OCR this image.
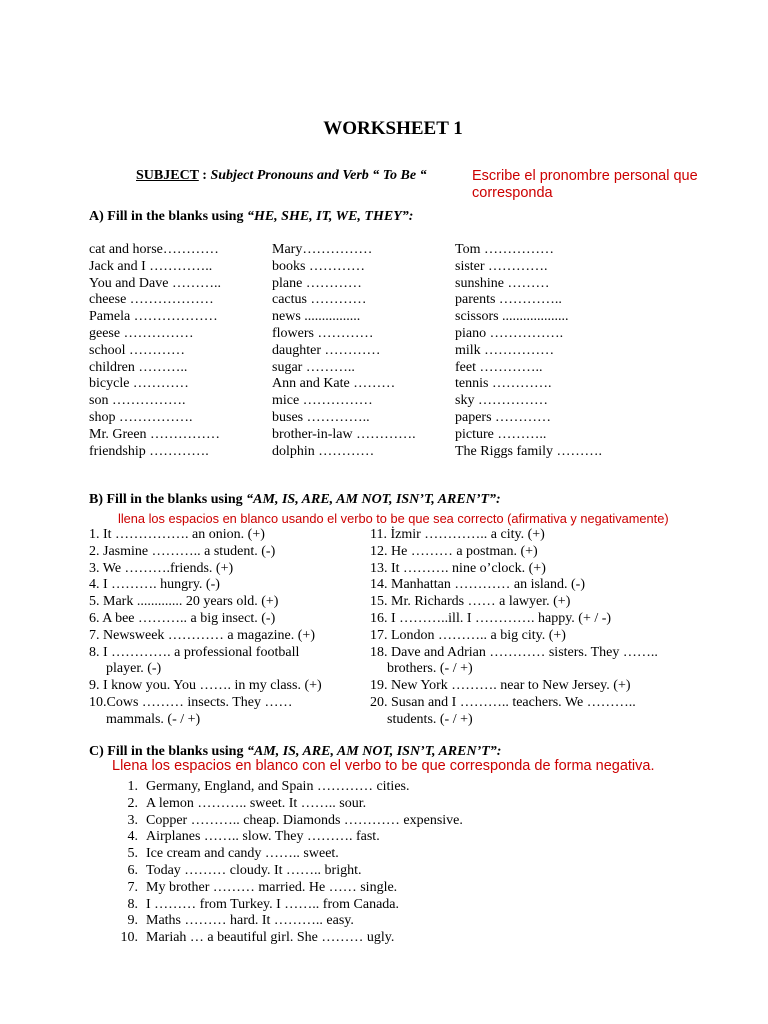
WORKSHEET 1
SUBJECT : Subject Pronouns and Verb “ To Be “	Escribe el pronombre personal que corresponda
A) Fill in the blanks using “HE, SHE, IT, WE, THEY”:
cat and horse…………
Jack and I …………..
You and Dave ………..
cheese ………………
Pamela ………………
geese ……………
school …………
children ………..
bicycle …………
son …………….
shop …………….
Mr. Green ……………
friendship ………….
Mary……………
books …………
plane …………
cactus …………
news ................
flowers …………
daughter …………
sugar ………..
Ann and Kate ………
mice ……………
buses …………..
brother-in-law ………….
dolphin …………
Tom ……………
sister ………….
sunshine ………
parents …………..
scissors ...................
piano …………….
milk ……………
feet …………..
tennis ………….
sky ……………
papers …………
picture ………..
The Riggs family ……….
B) Fill in the blanks using “AM, IS, ARE, AM NOT, ISN’T, AREN’T”:
llena los espacios en blanco usando el verbo to be que sea correcto (afirmativa y negativamente)
1. It ……………. an onion. (+)
2. Jasmine ……….. a student. (-)
3. We ……….friends. (+)
4. I ………. hungry. (-)
5. Mark ............. 20 years old. (+)
6. A bee ……….. a big insect. (-)
7. Newsweek ………… a magazine. (+)
8. I …………. a professional football
player. (-)
9. I know you. You ……. in my class. (+)
10.Cows ……… insects. They ……
mammals. (- / +)
11. İzmir ………….. a city. (+)
12. He ……… a postman. (+)
13. It ………. nine o’clock. (+)
14. Manhattan ………… an island. (-)
15. Mr. Richards …… a lawyer. (+)
16. I ………..ill. I …………. happy. (+ / -)
17. London ……….. a big city. (+)
18. Dave and Adrian ………… sisters. They ……..
brothers. (- / +)
19. New York ………. near to New Jersey. (+)
20. Susan and I ……….. teachers. We ………..
students. (- / +)
C) Fill in the blanks using “AM, IS, ARE, AM NOT, ISN’T, AREN’T”:
Llena los espacios en blanco con el verbo to be que corresponda de forma negativa.
1. Germany, England, and Spain ………… cities.
2. A lemon ……….. sweet. It …….. sour.
3. Copper ……….. cheap. Diamonds ………… expensive.
4. Airplanes …….. slow. They ………. fast.
5. Ice cream and candy …….. sweet.
6. Today ……… cloudy. It …….. bright.
7. My brother ……… married. He …… single.
8. I ……… from Turkey. I …….. from Canada.
9. Maths ……… hard. It ……….. easy.
10. Mariah … a beautiful girl. She ……… ugly.
